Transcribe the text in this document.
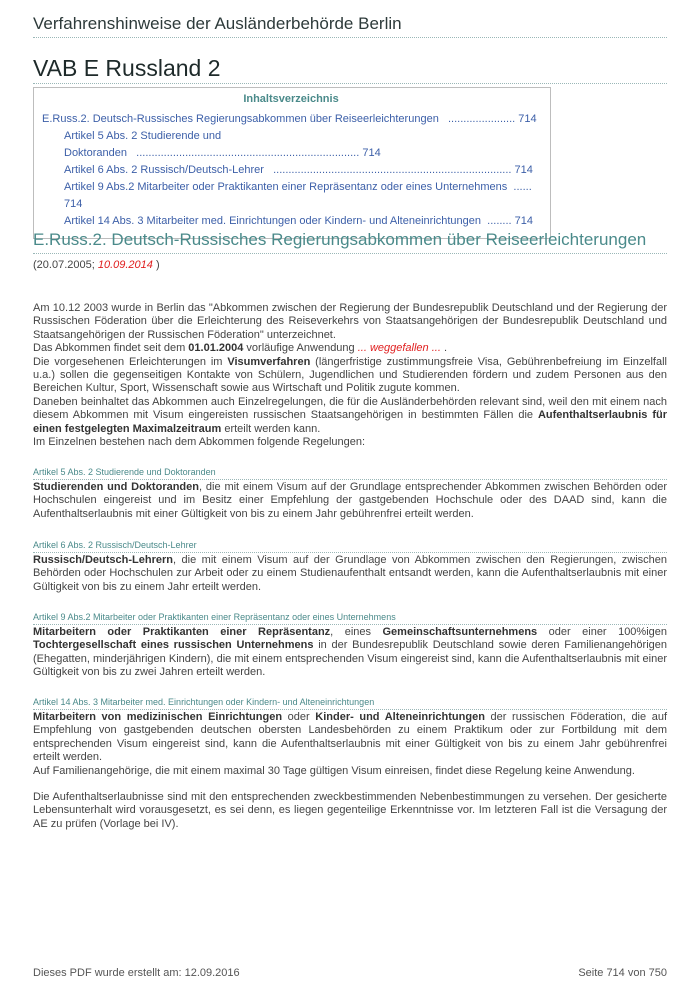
Verfahrenshinweise der Ausländerbehörde Berlin
VAB E Russland 2
Inhaltsverzeichnis
E.Russ.2. Deutsch-Russisches Regierungsabkommen über Reiseerleichterungen ...................... 714
Artikel 5 Abs. 2 Studierende und Doktoranden ......................................................................... 714
Artikel 6 Abs. 2 Russisch/Deutsch-Lehrer .............................................................................. 714
Artikel 9 Abs.2 Mitarbeiter oder Praktikanten einer Repräsentanz oder eines Unternehmens ......
714
Artikel 14 Abs. 3 Mitarbeiter med. Einrichtungen oder Kindern- und Alteneinrichtungen ........ 714
E.Russ.2. Deutsch-Russisches Regierungsabkommen über Reiseerleichterungen
(20.07.2005; 10.09.2014 )

Am 10.12 2003 wurde in Berlin das "Abkommen zwischen der Regierung der Bundesrepublik Deutschland und der Regierung der Russischen Föderation über die Erleichterung des Reiseverkehrs von Staatsangehörigen der Bundesrepublik Deutschland und Staatsangehörigen der Russischen Föderation" unterzeichnet.

Das Abkommen findet seit dem 01.01.2004 vorläufige Anwendung ... weggefallen ... .

Die vorgesehenen Erleichterungen im Visumverfahren (längerfristige zustimmungsfreie Visa, Gebührenbefreiung im Einzelfall u.a.) sollen die gegenseitigen Kontakte von Schülern, Jugendlichen und Studierenden fördern und zudem Personen aus den Bereichen Kultur, Sport, Wissenschaft sowie aus Wirtschaft und Politik zugute kommen.

Daneben beinhaltet das Abkommen auch Einzelregelungen, die für die Ausländerbehörden relevant sind, weil den mit einem nach diesem Abkommen mit Visum eingereisten russischen Staatsangehörigen in bestimmten Fällen die Aufenthaltserlaubnis für einen festgelegten Maximalzeitraum erteilt werden kann.

Im Einzelnen bestehen nach dem Abkommen folgende Regelungen:

Artikel 5 Abs. 2 Studierende und Doktoranden

Studierenden und Doktoranden, die mit einem Visum auf der Grundlage entsprechender Abkommen zwischen Behörden oder Hochschulen eingereist und im Besitz einer Empfehlung der gastgebenden Hochschule oder des DAAD sind, kann die Aufenthaltserlaubnis mit einer Gültigkeit von bis zu einem Jahr gebührenfrei erteilt werden.

Artikel 6 Abs. 2 Russisch/Deutsch-Lehrer

Russisch/Deutsch-Lehrern, die mit einem Visum auf der Grundlage von Abkommen zwischen den Regierungen, zwischen Behörden oder Hochschulen zur Arbeit oder zu einem Studienaufenthalt entsandt werden, kann die Aufenthaltserlaubnis mit einer Gültigkeit von bis zu einem Jahr erteilt werden.

Artikel 9 Abs.2 Mitarbeiter oder Praktikanten einer Repräsentanz oder eines Unternehmens

Mitarbeitern oder Praktikanten einer Repräsentanz, eines Gemeinschaftsunternehmens oder einer 100%igen Tochtergesellschaft eines russischen Unternehmens in der Bundesrepublik Deutschland sowie deren Familienangehörigen (Ehegatten, minderjährigen Kindern), die mit einem entsprechenden Visum eingereist sind, kann die Aufenthaltserlaubnis mit einer Gültigkeit von bis zu zwei Jahren erteilt werden.

Artikel 14 Abs. 3 Mitarbeiter med. Einrichtungen oder Kindern- und Alteneinrichtungen

Mitarbeitern von medizinischen Einrichtungen oder Kinder- und Alteneinrichtungen der russischen Föderation, die auf Empfehlung von gastgebenden deutschen obersten Landesbehörden zu einem Praktikum oder zur Fortbildung mit dem entsprechenden Visum eingereist sind, kann die Aufenthaltserlaubnis mit einer Gültigkeit von bis zu einem Jahr gebührenfrei erteilt werden.

Auf Familienangehörige, die mit einem maximal 30 Tage gültigen Visum einreisen, findet diese Regelung keine Anwendung.

Die Aufenthaltserlaubnisse sind mit den entsprechenden zweckbestimmenden Nebenbestimmungen zu versehen. Der gesicherte Lebensunterhalt wird vorausgesetzt, es sei denn, es liegen gegenteilige Erkenntnisse vor. Im letzteren Fall ist die Versagung der AE zu prüfen (Vorlage bei IV).
Dieses PDF wurde erstellt am: 12.09.2016	Seite 714 von 750
